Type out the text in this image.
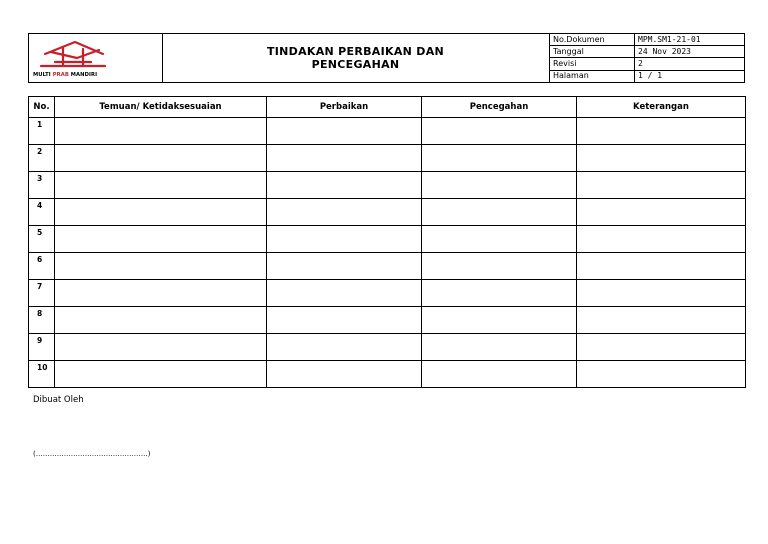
MULTI PRAB MANDIRI
TINDAKAN PERBAIKAN DAN
PENCEGAHAN
No.Dokumen	MPM.SM1-21-01
Tanggal	24 Nov 2023
Revisi	2
Halaman	1 / 1
No.	Temuan/ Ketidaksesuaian	Perbaikan	Pencegahan	Keterangan
1				
2				
3				
4				
5				
6				
7				
8				
9				
10				
Dibuat Oleh
(…………………………………………)
